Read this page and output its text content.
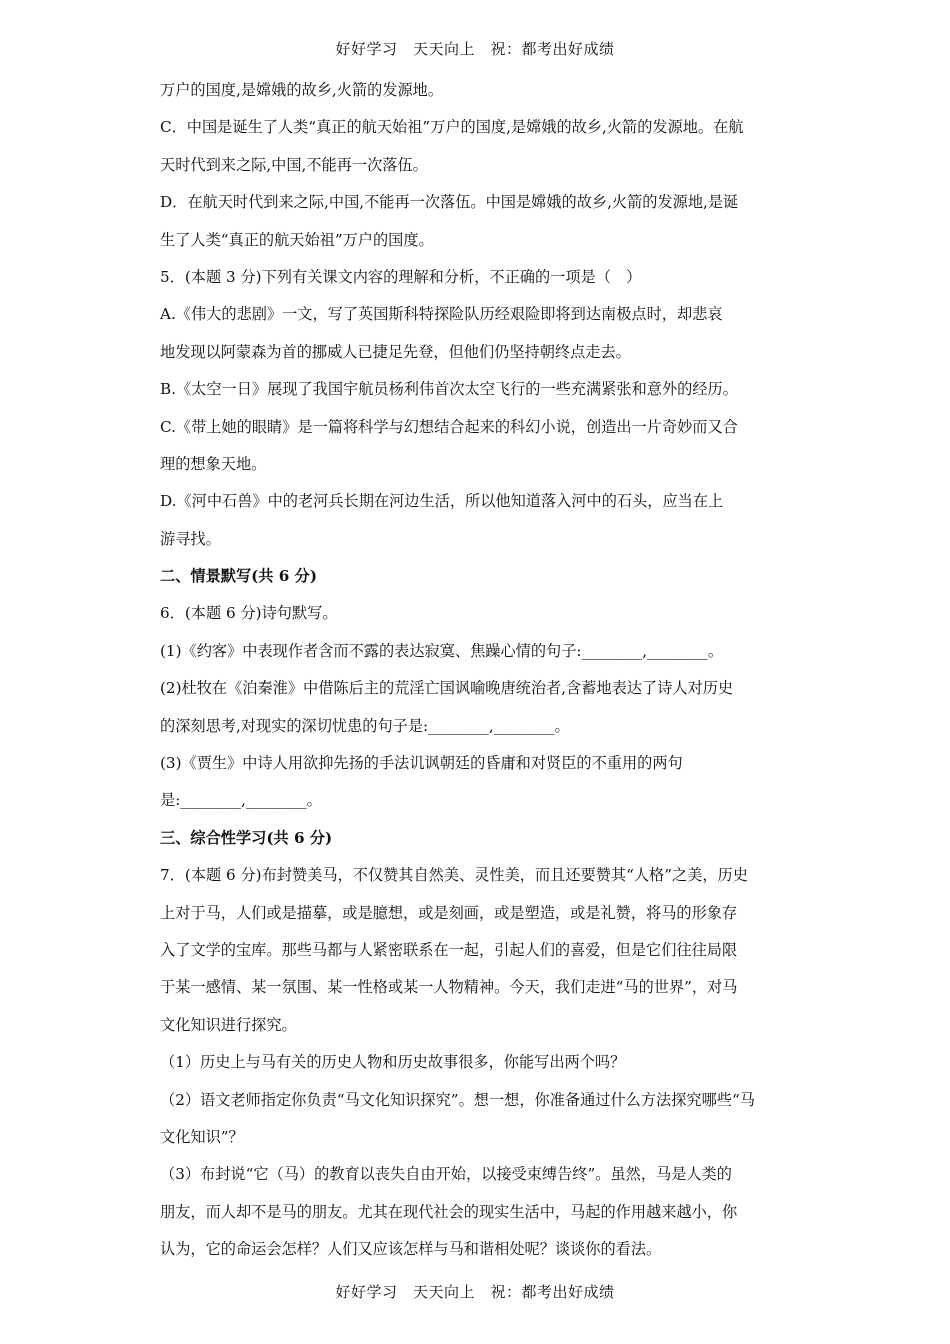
好好学习　天天向上　祝：都考出好成绩
万户的国度,是嫦娥的故乡,火箭的发源地。
C．中国是诞生了人类“真正的航天始祖”万户的国度,是嫦娥的故乡,火箭的发源地。在航
天时代到来之际,中国,不能再一次落伍。
D．在航天时代到来之际,中国,不能再一次落伍。中国是嫦娥的故乡,火箭的发源地,是诞
生了人类“真正的航天始祖”万户的国度。
5．(本题 3 分)下列有关课文内容的理解和分析，不正确的一项是（　）
A.《伟大的悲剧》一文，写了英国斯科特探险队历经艰险即将到达南极点时，却悲哀
地发现以阿蒙森为首的挪威人已捷足先登，但他们仍坚持朝终点走去。
B.《太空一日》展现了我国宇航员杨利伟首次太空飞行的一些充满紧张和意外的经历。
C.《带上她的眼睛》是一篇将科学与幻想结合起来的科幻小说，创造出一片奇妙而又合
理的想象天地。
D.《河中石兽》中的老河兵长期在河边生活，所以他知道落入河中的石头，应当在上
游寻找。
二、情景默写(共 6 分)
6．(本题 6 分)诗句默写。
(1)《约客》中表现作者含而不露的表达寂寞、焦躁心情的句子:________,________。
(2)杜牧在《泊秦淮》中借陈后主的荒淫亡国讽喻晚唐统治者,含蓄地表达了诗人对历史
的深刻思考,对现实的深切忧患的句子是:________,________。
(3)《贾生》中诗人用欲抑先扬的手法讥讽朝廷的昏庸和对贤臣的不重用的两句
是:________,________。
三、综合性学习(共 6 分)
7．(本题 6 分)布封赞美马，不仅赞其自然美、灵性美，而且还要赞其“人格”之美，历史
上对于马，人们或是描摹，或是臆想，或是刻画，或是塑造，或是礼赞，将马的形象存
入了文学的宝库。那些马都与人紧密联系在一起，引起人们的喜爱，但是它们往往局限
于某一感情、某一氛围、某一性格或某一人物精神。今天，我们走进“马的世界”，对马
文化知识进行探究。
（1）历史上与马有关的历史人物和历史故事很多，你能写出两个吗？
（2）语文老师指定你负责“马文化知识探究”。想一想，你准备通过什么方法探究哪些“马
文化知识”？
（3）布封说“它（马）的教育以丧失自由开始，以接受束缚告终”。虽然，马是人类的
朋友，而人却不是马的朋友。尤其在现代社会的现实生活中，马起的作用越来越小，你
认为，它的命运会怎样？人们又应该怎样与马和谐相处呢？谈谈你的看法。
好好学习　天天向上　祝：都考出好成绩
